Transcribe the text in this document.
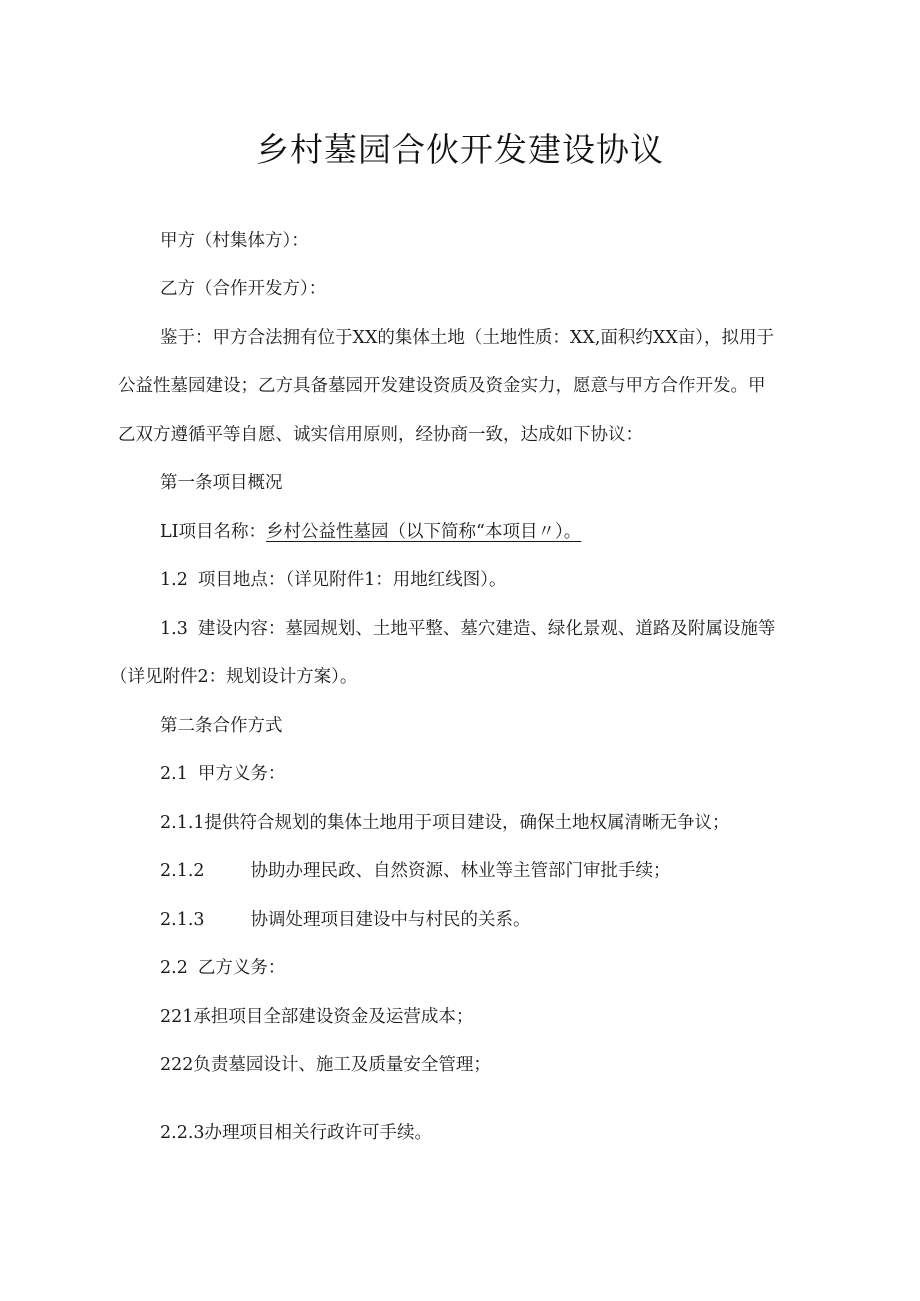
乡村墓园合伙开发建设协议
甲方（村集体方）：
乙方（合作开发方）：
鉴于：甲方合法拥有位于XX的集体土地（土地性质：XX,面积约XX亩），拟用于
公益性墓园建设；乙方具备墓园开发建设资质及资金实力，愿意与甲方合作开发。甲
乙双方遵循平等自愿、诚实信用原则，经协商一致，达成如下协议：
第一条项目概况
LI项目名称：乡村公益性墓园（以下简称“本项目〃）。
1.2 项目地点：（详见附件1：用地红线图）。
1.3 建设内容：墓园规划、土地平整、墓穴建造、绿化景观、道路及附属设施等
（详见附件2：规划设计方案）。
第二条合作方式
2.1 甲方义务：
2.1.1提供符合规划的集体土地用于项目建设，确保土地权属清晰无争议；
2.1.2	协助办理民政、自然资源、林业等主管部门审批手续；
2.1.3	协调处理项目建设中与村民的关系。
2.2 乙方义务：
221承担项目全部建设资金及运营成本；
222负责墓园设计、施工及质量安全管理；
2.2.3办理项目相关行政许可手续。
